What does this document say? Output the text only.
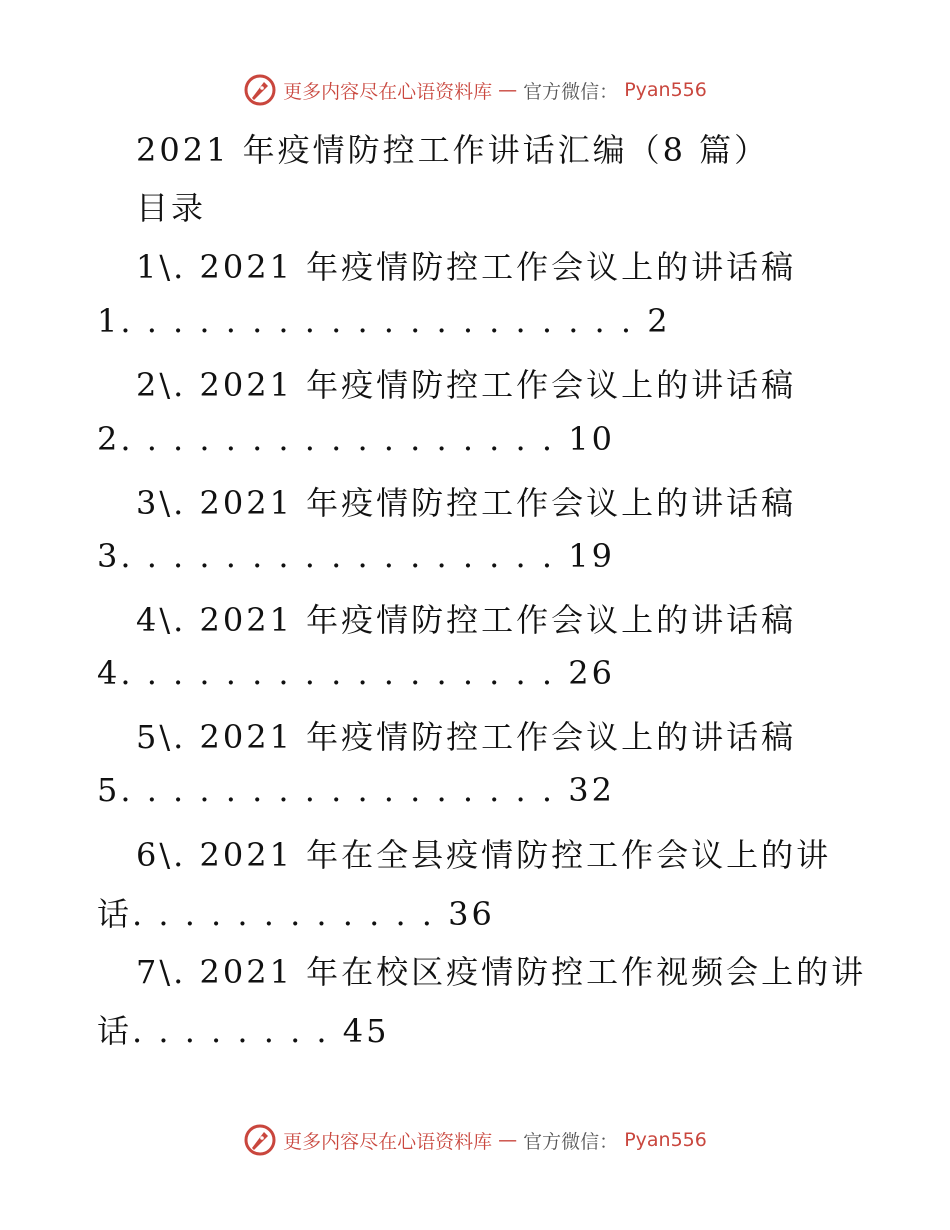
更多内容尽在心语资料库 — 官方微信： Pyan556
2021 年疫情防控工作讲话汇编（8 篇）
目录
1\. 2021 年疫情防控工作会议上的讲话稿
1. . . . . . . . . . . . . . . . . . . . 2
2\. 2021 年疫情防控工作会议上的讲话稿
2. . . . . . . . . . . . . . . . . 10
3\. 2021 年疫情防控工作会议上的讲话稿
3. . . . . . . . . . . . . . . . . 19
4\. 2021 年疫情防控工作会议上的讲话稿
4. . . . . . . . . . . . . . . . . 26
5\. 2021 年疫情防控工作会议上的讲话稿
5. . . . . . . . . . . . . . . . . 32
6\. 2021 年在全县疫情防控工作会议上的讲
话. . . . . . . . . . . . 36
7\. 2021 年在校区疫情防控工作视频会上的讲
话. . . . . . . . 45
更多内容尽在心语资料库 — 官方微信： Pyan556
